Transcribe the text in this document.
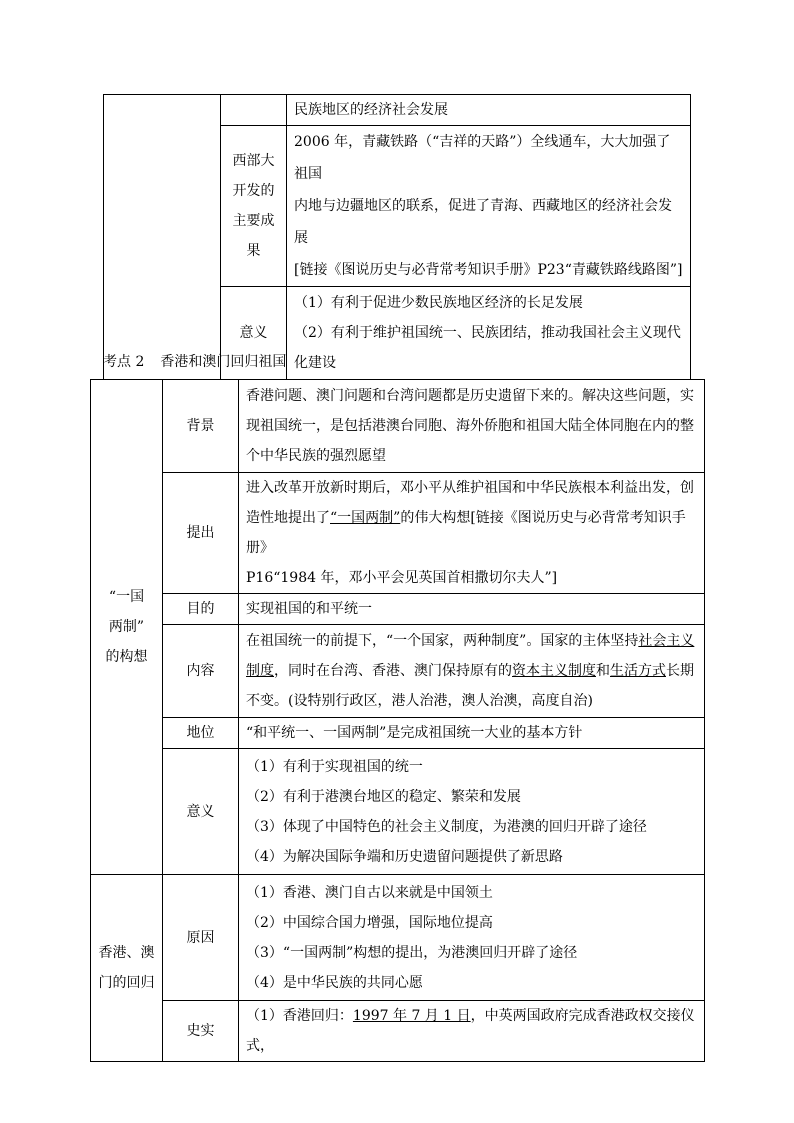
		民族地区的经济社会发展

	西部大
开发的
主要成
果	2006 年，青藏铁路（“吉祥的天路”）全线通车，大大加强了祖国
内地与边疆地区的联系，促进了青海、西藏地区的经济社会发展
[链接《图说历史与必背常考知识手册》P23“青藏铁路线路图”]

	意义	（1）有利于促进少数民族地区经济的长足发展
（2）有利于维护祖国统一、民族团结，推动我国社会主义现代
化建设
考点 2 香港和澳门回归祖国
“一国
两制”
的构想	背景	香港问题、澳门问题和台湾问题都是历史遗留下来的。解决这些问题，实
现祖国统一，是包括港澳台同胞、海外侨胞和祖国大陆全体同胞在内的整
个中华民族的强烈愿望

	提出	进入改革开放新时期后，邓小平从维护祖国和中华民族根本利益出发，创
造性地提出了“一国两制”的伟大构想[链接《图说历史与必背常考知识手册》
P16“1984 年，邓小平会见英国首相撒切尔夫人”]

	目的	实现祖国的和平统一
	内容	在祖国统一的前提下，“一个国家，两种制度”。国家的主体坚持社会主义
制度，同时在台湾、香港、澳门保持原有的资本主义制度和生活方式长期
不变。(设特别行政区，港人治港，澳人治澳，高度自治)

	地位	“和平统一、一国两制”是完成祖国统一大业的基本方针
	意义	（1）有利于实现祖国的统一
（2）有利于港澳台地区的稳定、繁荣和发展
（3）体现了中国特色的社会主义制度，为港澳的回归开辟了途径
（4）为解决国际争端和历史遗留问题提供了新思路

香港、澳
门的回归	原因	（1）香港、澳门自古以来就是中国领土
（2）中国综合国力增强，国际地位提高
（3）“一国两制”构想的提出，为港澳回归开辟了途径
（4）是中华民族的共同心愿

	史实	（1）香港回归：1997 年 7 月 1 日，中英两国政府完成香港政权交接仪式，
